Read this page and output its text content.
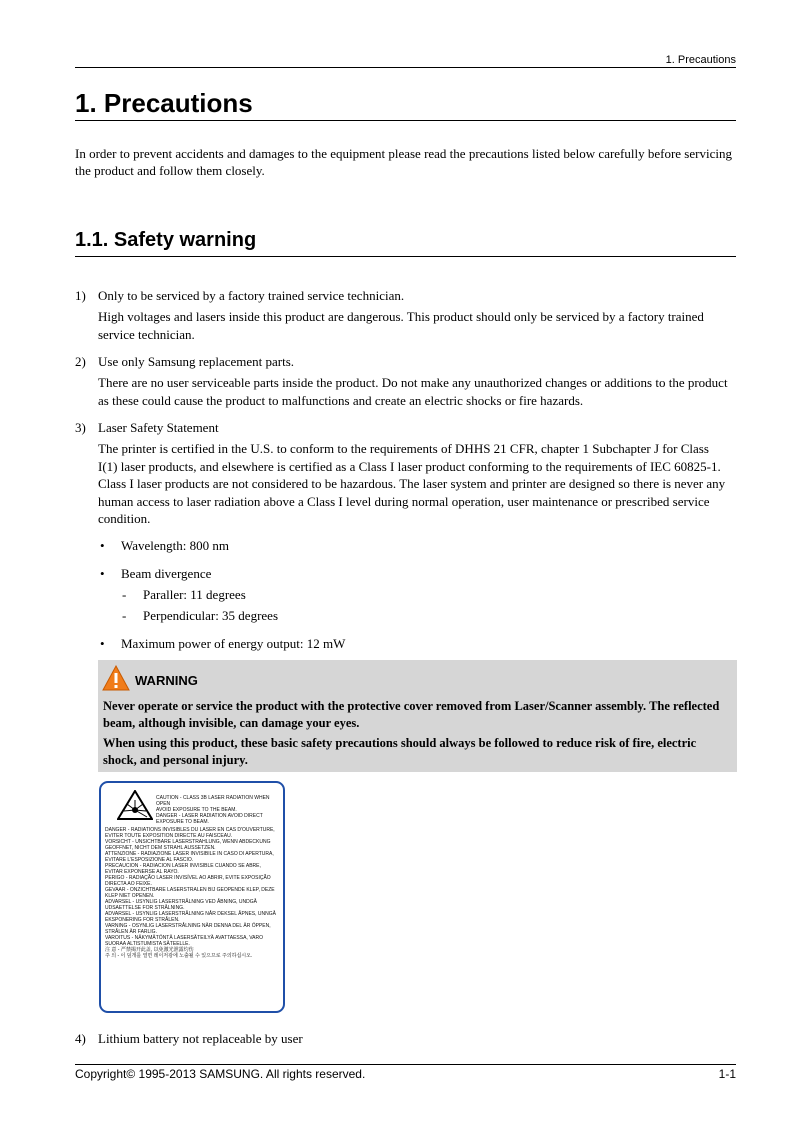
1. Precautions
1. Precautions

In order to prevent accidents and damages to the equipment please read the precautions listed below carefully before servicing the product and follow them closely.

1.1. Safety warning
1) Only to be serviced by a factory trained service technician.

High voltages and lasers inside this product are dangerous. This product should only be serviced by a factory trained service technician.

2) Use only Samsung replacement parts.

There are no user serviceable parts inside the product. Do not make any unauthorized changes or additions to the product as these could cause the product to malfunctions and create an electric shocks or fire hazards.

3) Laser Safety Statement

The printer is certified in the U.S. to conform to the requirements of DHHS 21 CFR, chapter 1 Subchapter J for Class I(1) laser products, and elsewhere is certified as a Class I laser product conforming to the requirements of IEC 60825-1. Class I laser products are not considered to be hazardous. The laser system and printer are designed so there is never any human access to laser radiation above a Class I level during normal operation, user maintenance or prescribed service condition.

• Wavelength: 800 nm
• Beam divergence
- Paraller: 11 degrees
- Perpendicular: 35 degrees
• Maximum power of energy output: 12 mW
WARNING

Never operate or service the product with the protective cover removed from Laser/Scanner assembly. The reflected beam, although invisible, can damage your eyes.

When using this product, these basic safety precautions should always be followed to reduce risk of fire, electric shock, and personal injury.

CAUTION - CLASS 3B LASER RADIATION WHEN OPEN
AVOID EXPOSURE TO THE BEAM.
DANGER - LASER RADIATION AVOID DIRECT
EXPOSURE TO BEAM.
DANGER - RADIATIONS INVISIBLES DU LASER EN CAS D'OUVERTURE, EVITER TOUTE EXPOSITION DIRECTE AU FAISCEAU.
VORSICHT - UNSICHTBARE LASERSTRAHLUNG, WENN ABDECKUNG GEOFFNET, NICHT DEM STRAHL AUSSETZEN.
ATTENZIONE - RADIAZIONE LASER INVISIBILE IN CASO DI APERTURA, EVITARE L'ESPOSIZIONE AL FASCIO.
PRECAUCION - RADIACION LASER INVISIBLE CUANDO SE ABRE, EVITAR EXPONERSE AL RAYO.
PERIGO - RADIAÇÃO LASER INVISÍVEL AO ABRIR, EVITE EXPOSIÇÃO DIRECTA AO FEIXE.
GEVAAR - ONZICHTBARE LASERSTRALEN BIJ GEOPENDE KLEP, DEZE KLEP NIET OPENEN.
ADVARSEL - USYNLIG LASERSTRÅLNING VED ÅBNING, UNDGÅ UDSAETTELSE FOR STRÅLNING.
ADVARSEL - USYNLIG LASERSTRÅLNING NÅR DEKSEL ÅPNES, UNNGÅ EKSPONERING FOR STRÅLEN.
VARNING - OSYNLIG LASERSTRÅLNING NÄR DENNA DEL ÄR ÖPPEN, STRÅLEN ÄR FARLIG.
VAROITUS - NÄKYMÄTÖNTÄ LASERSÄTEILYÄ AVATTAESSA, VARO SUORAA ALTISTUMISTA SÄTEELLE.
注 意 - 严禁揭开此盖, 以免激光泄露灼伤
주 의 - 이 덮개를 열면 레이저광에 노출될 수 있으므로 주의하십시오.
4) Lithium battery not replaceable by user
Copyright© 1995-2013 SAMSUNG. All rights reserved.	1-1
